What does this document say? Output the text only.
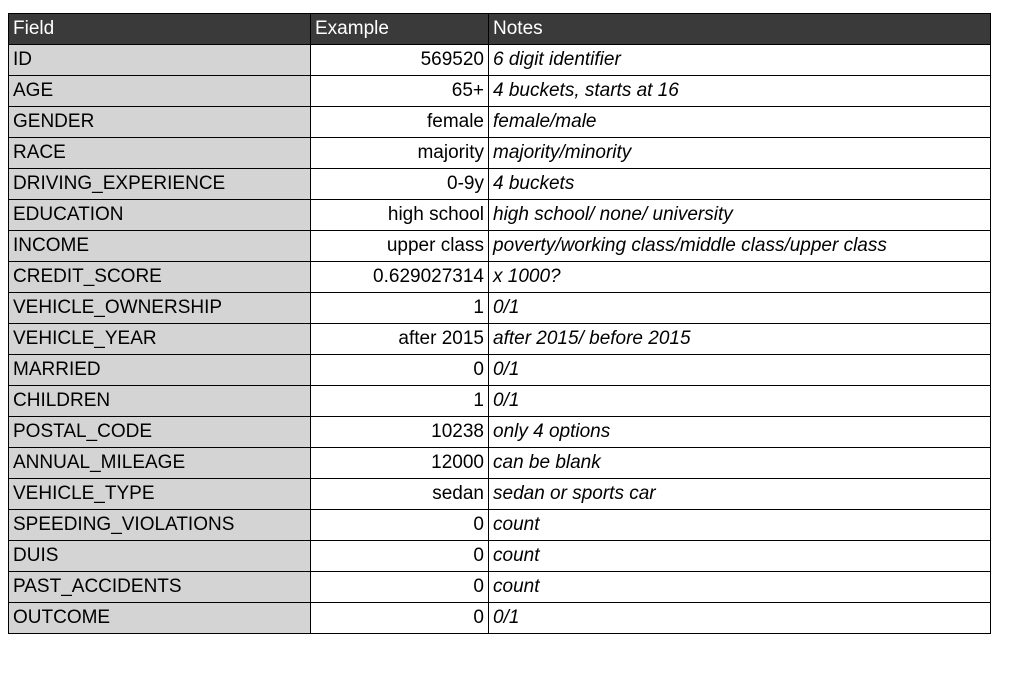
Field	Example	Notes
ID	569520	6 digit identifier
AGE	65+	4 buckets, starts at 16
GENDER	female	female/male
RACE	majority	majority/minority
DRIVING_EXPERIENCE	0-9y	4 buckets
EDUCATION	high school	high school/ none/ university
INCOME	upper class	poverty/working class/middle class/upper class
CREDIT_SCORE	0.629027314	x 1000?
VEHICLE_OWNERSHIP	1	0/1
VEHICLE_YEAR	after 2015	after 2015/ before 2015
MARRIED	0	0/1
CHILDREN	1	0/1
POSTAL_CODE	10238	only 4 options
ANNUAL_MILEAGE	12000	can be blank
VEHICLE_TYPE	sedan	sedan or sports car
SPEEDING_VIOLATIONS	0	count
DUIS	0	count
PAST_ACCIDENTS	0	count
OUTCOME	0	0/1
